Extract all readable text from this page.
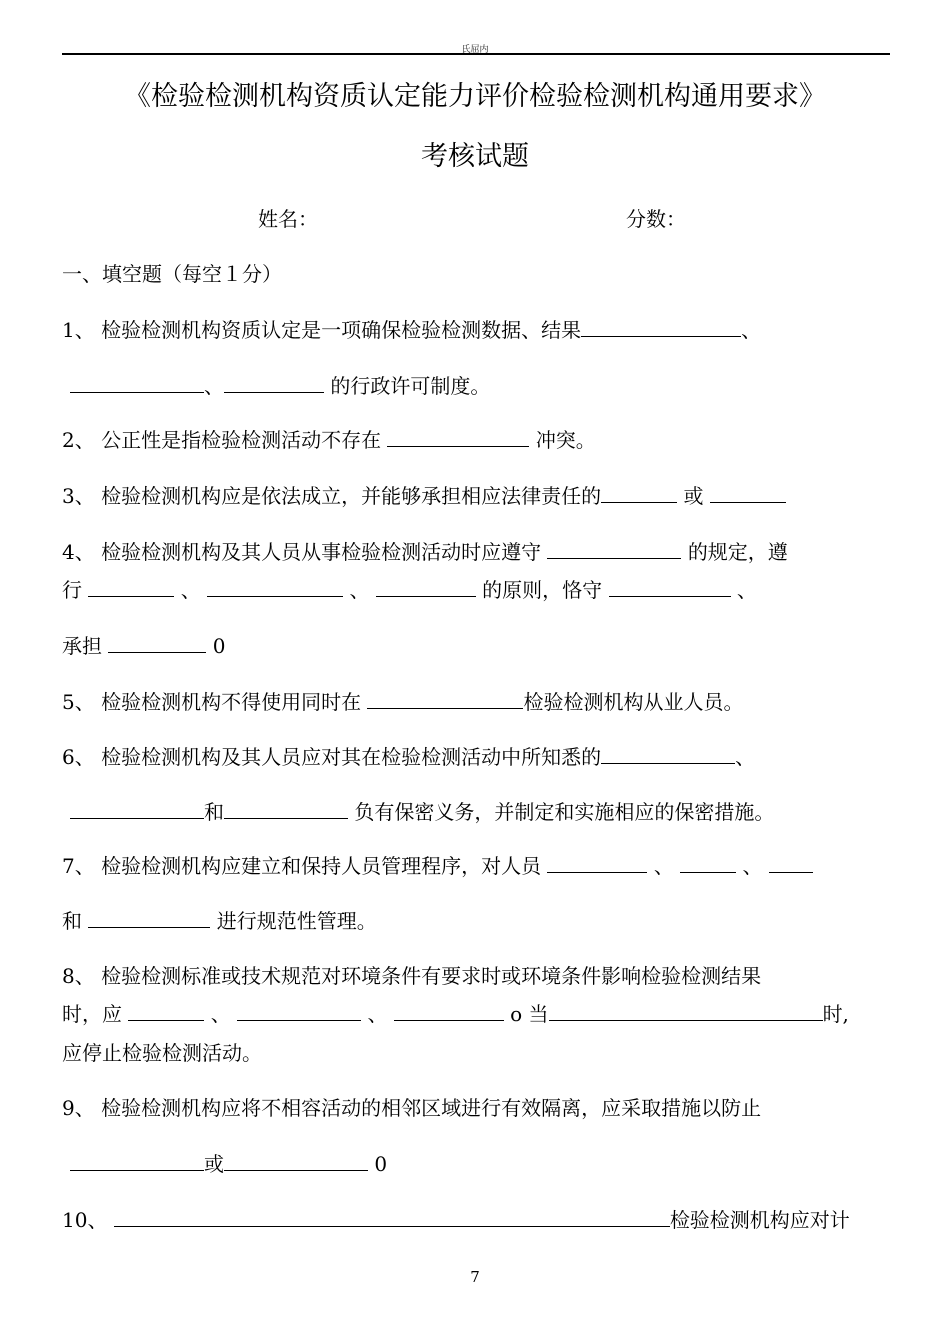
氏屈内
《检验检测机构资质认定能力评价检验检测机构通用要求》
考核试题
姓名：	分数：
一、填空题（每空１分）
1、 检验检测机构资质认定是一项确保检验检测数据、结果	、
、	的行政许可制度。
2、 公正性是指检验检测活动不存在	冲突。
3、 检验检测机构应是依法成立，并能够承担相应法律责任的	或
4、 检验检测机构及其人员从事检验检测活动时应遵守	的规定，遵
行	、	、	的原则，恪守	、
承担	0
5、 检验检测机构不得使用同时在	检验检测机构从业人员。
6、 检验检测机构及其人员应对其在检验检测活动中所知悉的	、
和	负有保密义务，并制定和实施相应的保密措施。
7、 检验检测机构应建立和保持人员管理程序，对人员	、	、
和	进行规范性管理。
8、 检验检测标准或技术规范对环境条件有要求时或环境条件影响检验检测结果
时，应	、	、	o 当	时,
应停止检验检测活动。
9、 检验检测机构应将不相容活动的相邻区域进行有效隔离，应采取措施以防止
或	0
10、	检验检测机构应对计
7
